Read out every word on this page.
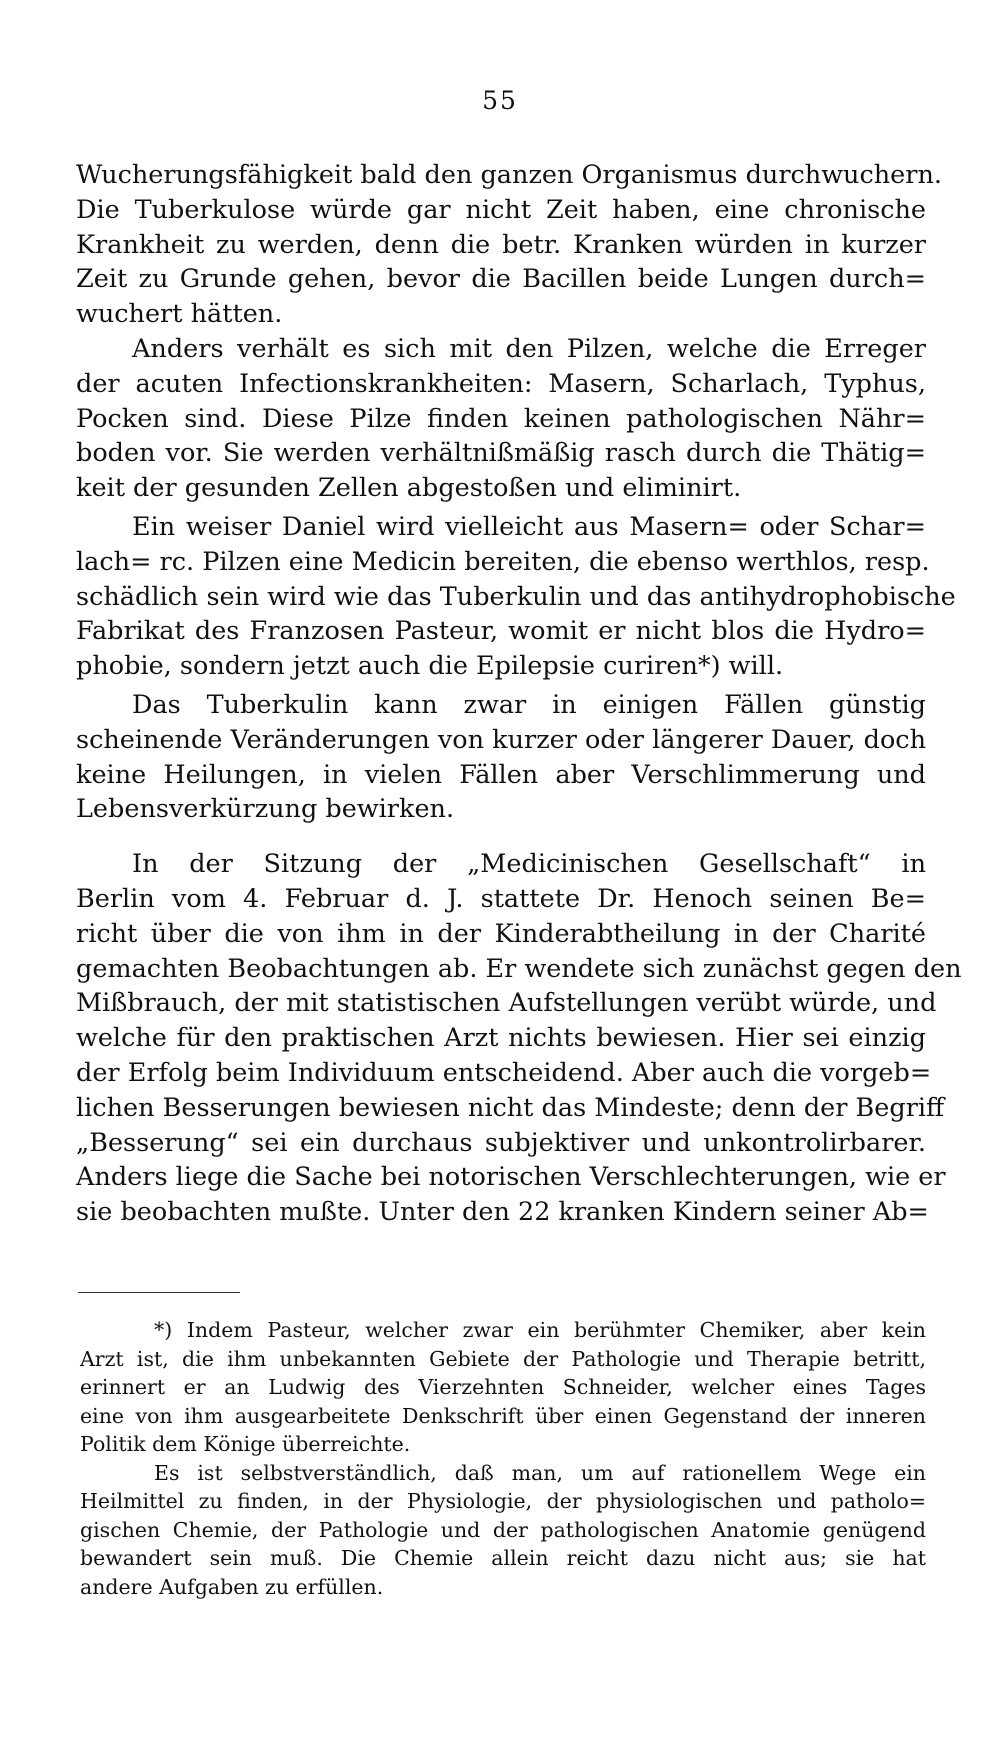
55
Wucherungsfähigkeit bald den ganzen Organismus durchwuchern.
Die Tuberkulose würde gar nicht Zeit haben, eine chronische
Krankheit zu werden, denn die betr. Kranken würden in kurzer
Zeit zu Grunde gehen, bevor die Bacillen beide Lungen durch=
wuchert hätten.
Anders verhält es sich mit den Pilzen, welche die Erreger
der acuten Infectionskrankheiten: Masern, Scharlach, Typhus,
Pocken sind. Diese Pilze finden keinen pathologischen Nähr=
boden vor. Sie werden verhältnißmäßig rasch durch die Thätig=
keit der gesunden Zellen abgestoßen und eliminirt.
Ein weiser Daniel wird vielleicht aus Masern= oder Schar=
lach= rc. Pilzen eine Medicin bereiten, die ebenso werthlos, resp.
schädlich sein wird wie das Tuberkulin und das antihydrophobische
Fabrikat des Franzosen Pasteur, womit er nicht blos die Hydro=
phobie, sondern jetzt auch die Epilepsie curiren*) will.
Das Tuberkulin kann zwar in einigen Fällen günstig
scheinende Veränderungen von kurzer oder längerer Dauer, doch
keine Heilungen, in vielen Fällen aber Verschlimmerung und
Lebensverkürzung bewirken.
In der Sitzung der „Medicinischen Gesellschaft“ in
Berlin vom 4. Februar d. J. stattete Dr. Henoch seinen Be=
richt über die von ihm in der Kinderabtheilung in der Charité
gemachten Beobachtungen ab. Er wendete sich zunächst gegen den
Mißbrauch, der mit statistischen Aufstellungen verübt würde, und
welche für den praktischen Arzt nichts bewiesen. Hier sei einzig
der Erfolg beim Individuum entscheidend. Aber auch die vorgeb=
lichen Besserungen bewiesen nicht das Mindeste; denn der Begriff
„Besserung“ sei ein durchaus subjektiver und unkontrolirbarer.
Anders liege die Sache bei notorischen Verschlechterungen, wie er
sie beobachten mußte. Unter den 22 kranken Kindern seiner Ab=
*) Indem Pasteur, welcher zwar ein berühmter Chemiker, aber kein
Arzt ist, die ihm unbekannten Gebiete der Pathologie und Therapie betritt,
erinnert er an Ludwig des Vierzehnten Schneider, welcher eines Tages
eine von ihm ausgearbeitete Denkschrift über einen Gegenstand der inneren
Politik dem Könige überreichte.
Es ist selbstverständlich, daß man, um auf rationellem Wege ein
Heilmittel zu finden, in der Physiologie, der physiologischen und patholo=
gischen Chemie, der Pathologie und der pathologischen Anatomie genügend
bewandert sein muß. Die Chemie allein reicht dazu nicht aus; sie hat
andere Aufgaben zu erfüllen.
